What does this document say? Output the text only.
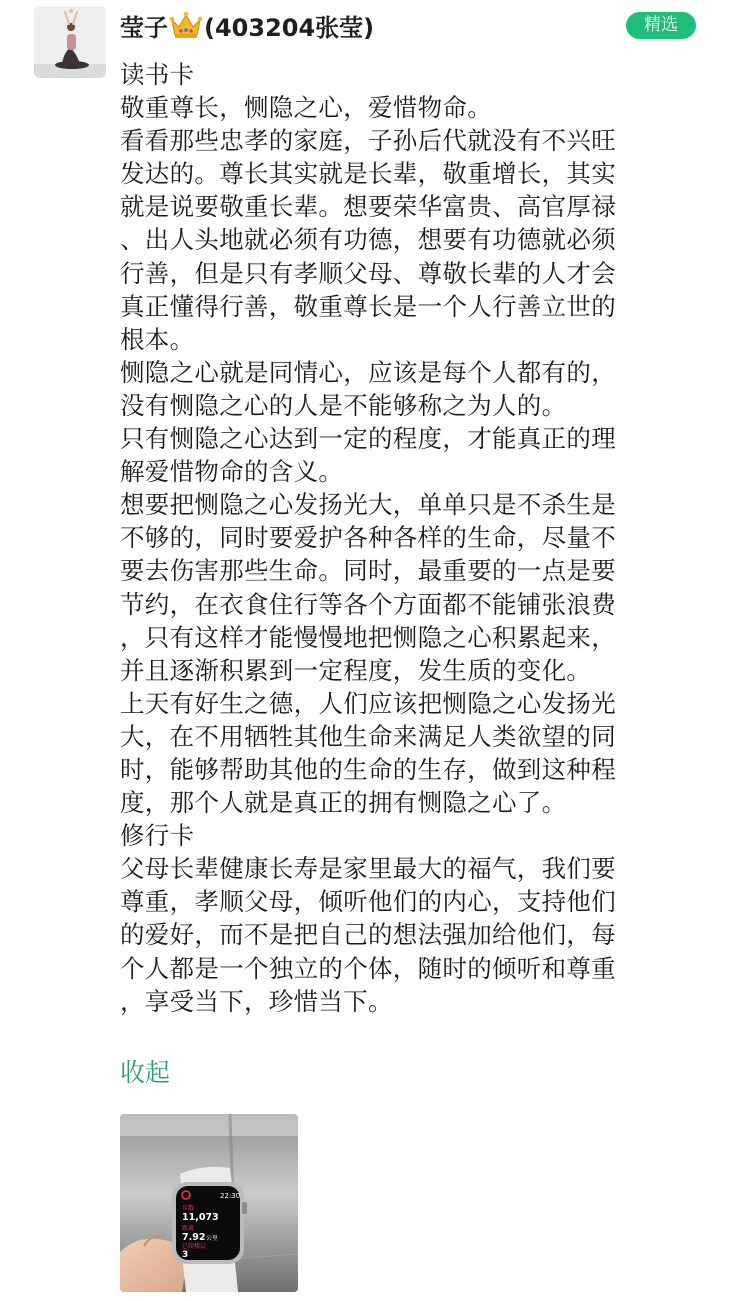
莹子 (403204张莹)	精选
读书卡
敬重尊长，恻隐之心，爱惜物命。
看看那些忠孝的家庭，子孙后代就没有不兴旺
发达的。尊长其实就是长辈，敬重增长，其实
就是说要敬重长辈。想要荣华富贵、高官厚禄
、出人头地就必须有功德，想要有功德就必须
行善，但是只有孝顺父母、尊敬长辈的人才会
真正懂得行善，敬重尊长是一个人行善立世的
根本。
恻隐之心就是同情心，应该是每个人都有的，
没有恻隐之心的人是不能够称之为人的。
只有恻隐之心达到一定的程度，才能真正的理
解爱惜物命的含义。
想要把恻隐之心发扬光大，单单只是不杀生是
不够的，同时要爱护各种各样的生命，尽量不
要去伤害那些生命。同时，最重要的一点是要
节约，在衣食住行等各个方面都不能铺张浪费
，只有这样才能慢慢地把恻隐之心积累起来，
并且逐渐积累到一定程度，发生质的变化。
上天有好生之德，人们应该把恻隐之心发扬光
大，在不用牺牲其他生命来满足人类欲望的同
时，能够帮助其他的生命的生存，做到这种程
度，那个人就是真正的拥有恻隐之心了。
修行卡
父母长辈健康长寿是家里最大的福气，我们要
尊重，孝顺父母，倾听他们的内心，支持他们
的爱好，而不是把自己的想法强加给他们，每
个人都是一个独立的个体，随时的倾听和尊重
，享受当下，珍惜当下。
收起
22:30
步数
11,073
距离
7.92 公里
已爬楼层
3
